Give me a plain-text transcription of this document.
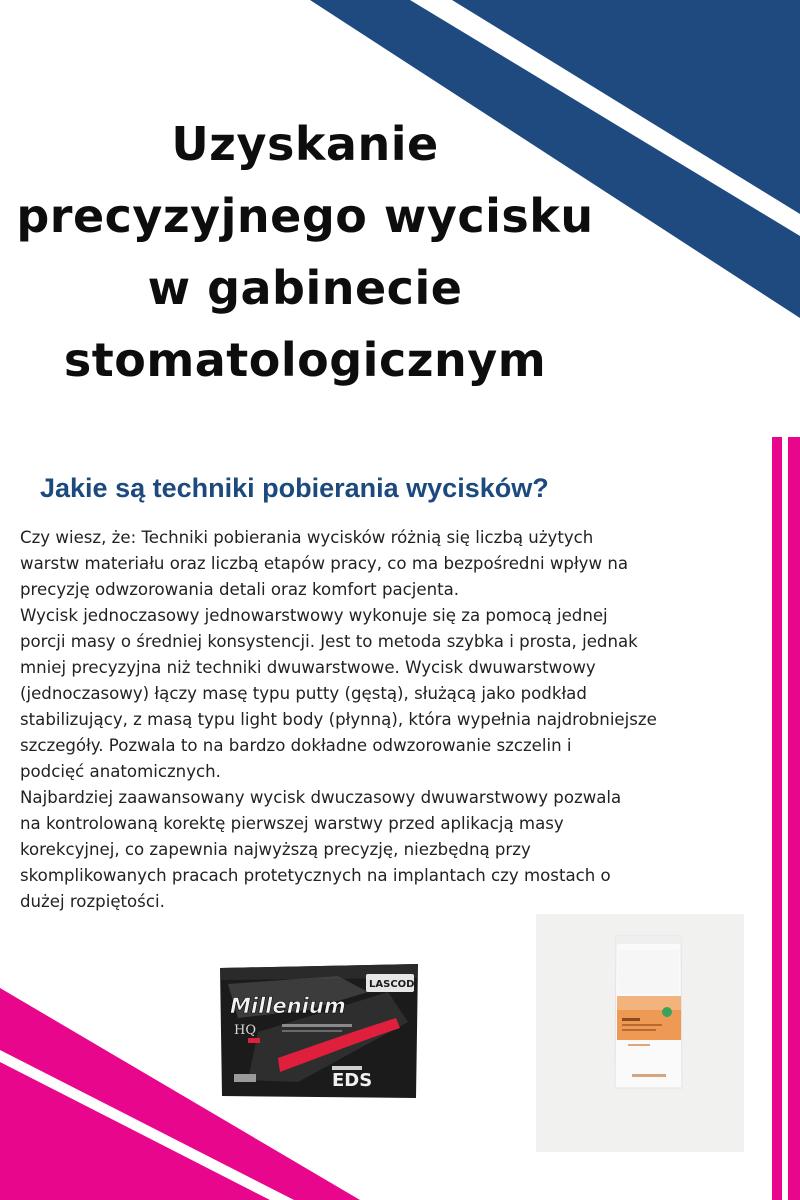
Uzyskanie
precyzyjnego wycisku
w gabinecie
stomatologicznym
Jakie są techniki pobierania wycisków?

Czy wiesz, że: Techniki pobierania wycisków różnią się liczbą użytych

warstw materiału oraz liczbą etapów pracy, co ma bezpośredni wpływ na

precyzję odwzorowania detali oraz komfort pacjenta.

Wycisk jednoczasowy jednowarstwowy wykonuje się za pomocą jednej

porcji masy o średniej konsystencji. Jest to metoda szybka i prosta, jednak

mniej precyzyjna niż techniki dwuwarstwowe. Wycisk dwuwarstwowy

(jednoczasowy) łączy masę typu putty (gęstą), służącą jako podkład

stabilizujący, z masą typu light body (płynną), która wypełnia najdrobniejsze

szczegóły. Pozwala to na bardzo dokładne odwzorowanie szczelin i

podcięć anatomicznych.

Najbardziej zaawansowany wycisk dwuczasowy dwuwarstwowy pozwala

na kontrolowaną korektę pierwszej warstwy przed aplikacją masy

korekcyjnej, co zapewnia najwyższą precyzję, niezbędną przy

skomplikowanych pracach protetycznych na implantach czy mostach o

dużej rozpiętości.

Millenium
LASCOD
HQ
EDS
